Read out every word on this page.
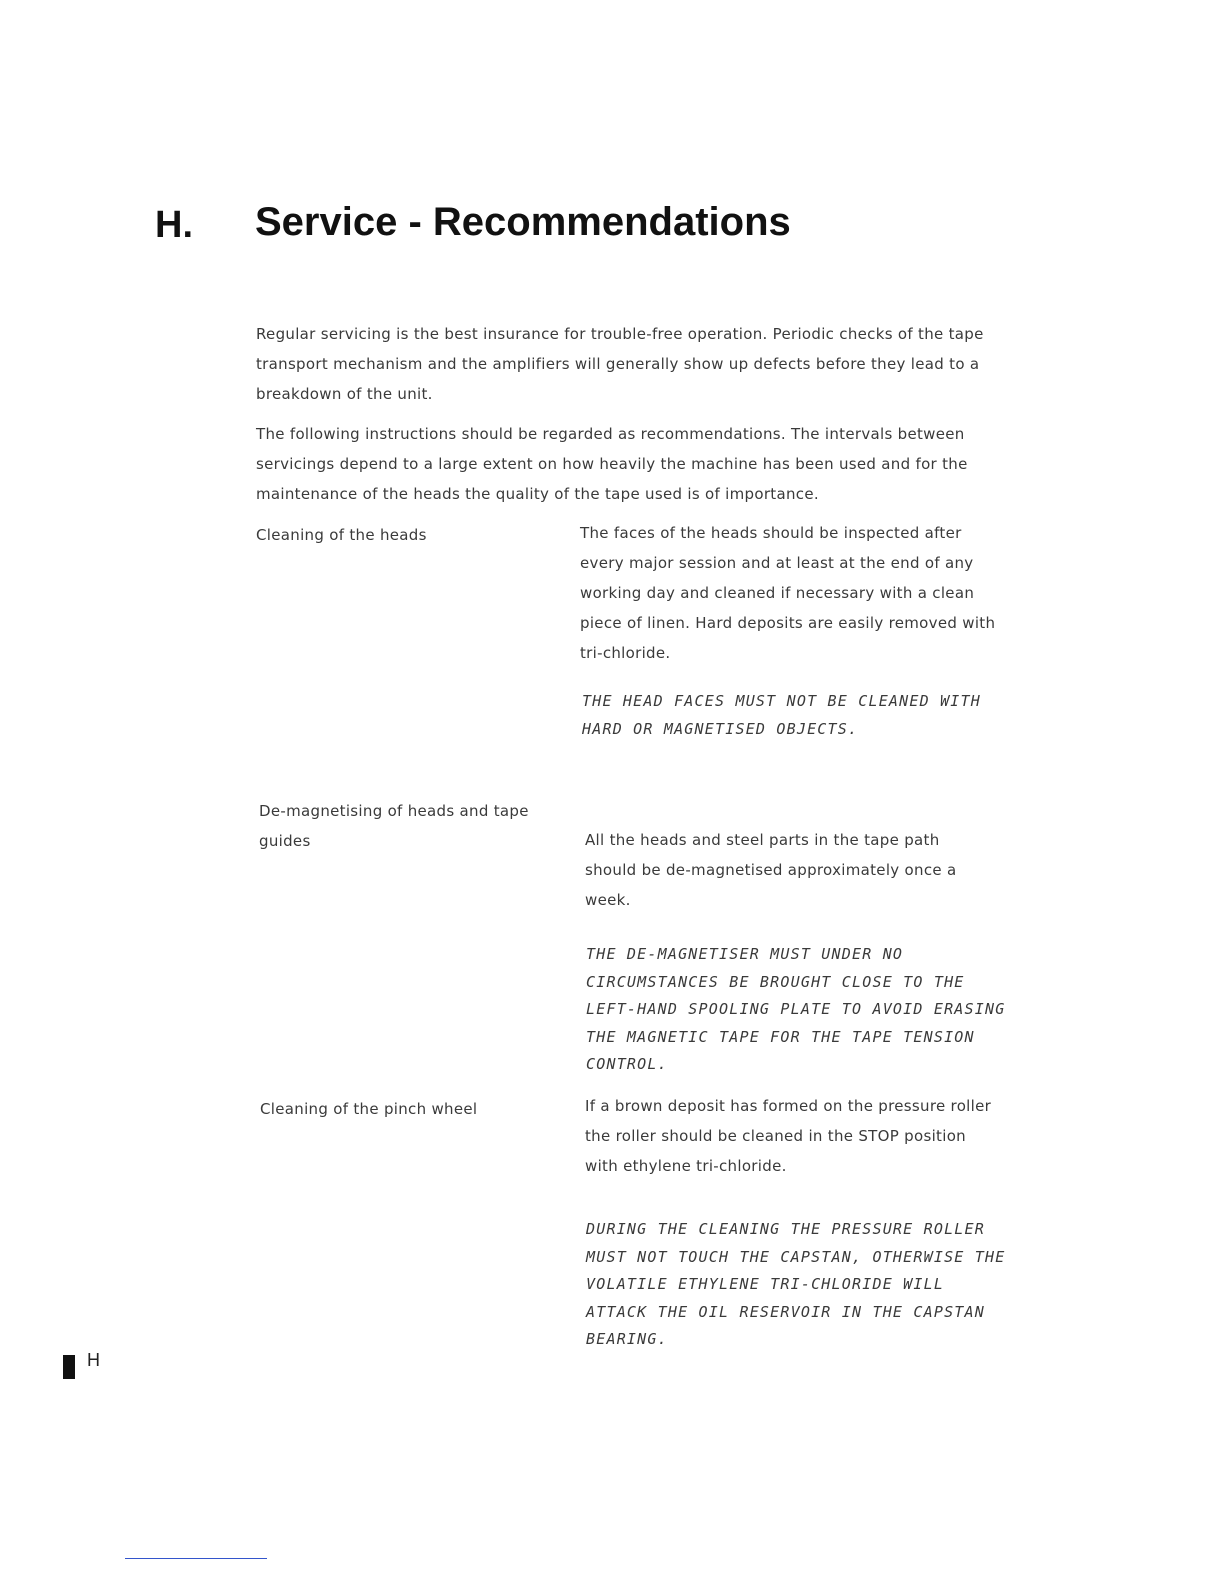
H. Service - Recommendations

Regular servicing is the best insurance for trouble-free operation. Periodic checks of the tape transport mechanism and the amplifiers will generally show up defects before they lead to a breakdown of the unit.

The following instructions should be regarded as recommendations. The intervals between servicings depend to a large extent on how heavily the machine has been used and for the maintenance of the heads the quality of the tape used is of importance.

Cleaning of the heads	The faces of the heads should be inspected after every major session and at least at the end of any working day and cleaned if necessary with a clean piece of linen. Hard deposits are easily removed with tri-chloride.

THE HEAD FACES MUST NOT BE CLEANED WITH HARD OR MAGNETISED OBJECTS.

De-magnetising of heads and tape guides	All the heads and steel parts in the tape path should be de-magnetised approximately once a week.

THE DE-MAGNETISER MUST UNDER NO CIRCUMSTANCES BE BROUGHT CLOSE TO THE LEFT-HAND SPOOLING PLATE TO AVOID ERASING THE MAGNETIC TAPE FOR THE TAPE TENSION CONTROL.

Cleaning of the pinch wheel	If a brown deposit has formed on the pressure roller the roller should be cleaned in the STOP position with ethylene tri-chloride.

DURING THE CLEANING THE PRESSURE ROLLER MUST NOT TOUCH THE CAPSTAN, OTHERWISE THE VOLATILE ETHYLENE TRI-CHLORIDE WILL ATTACK THE OIL RESERVOIR IN THE CAPSTAN BEARING.

H
